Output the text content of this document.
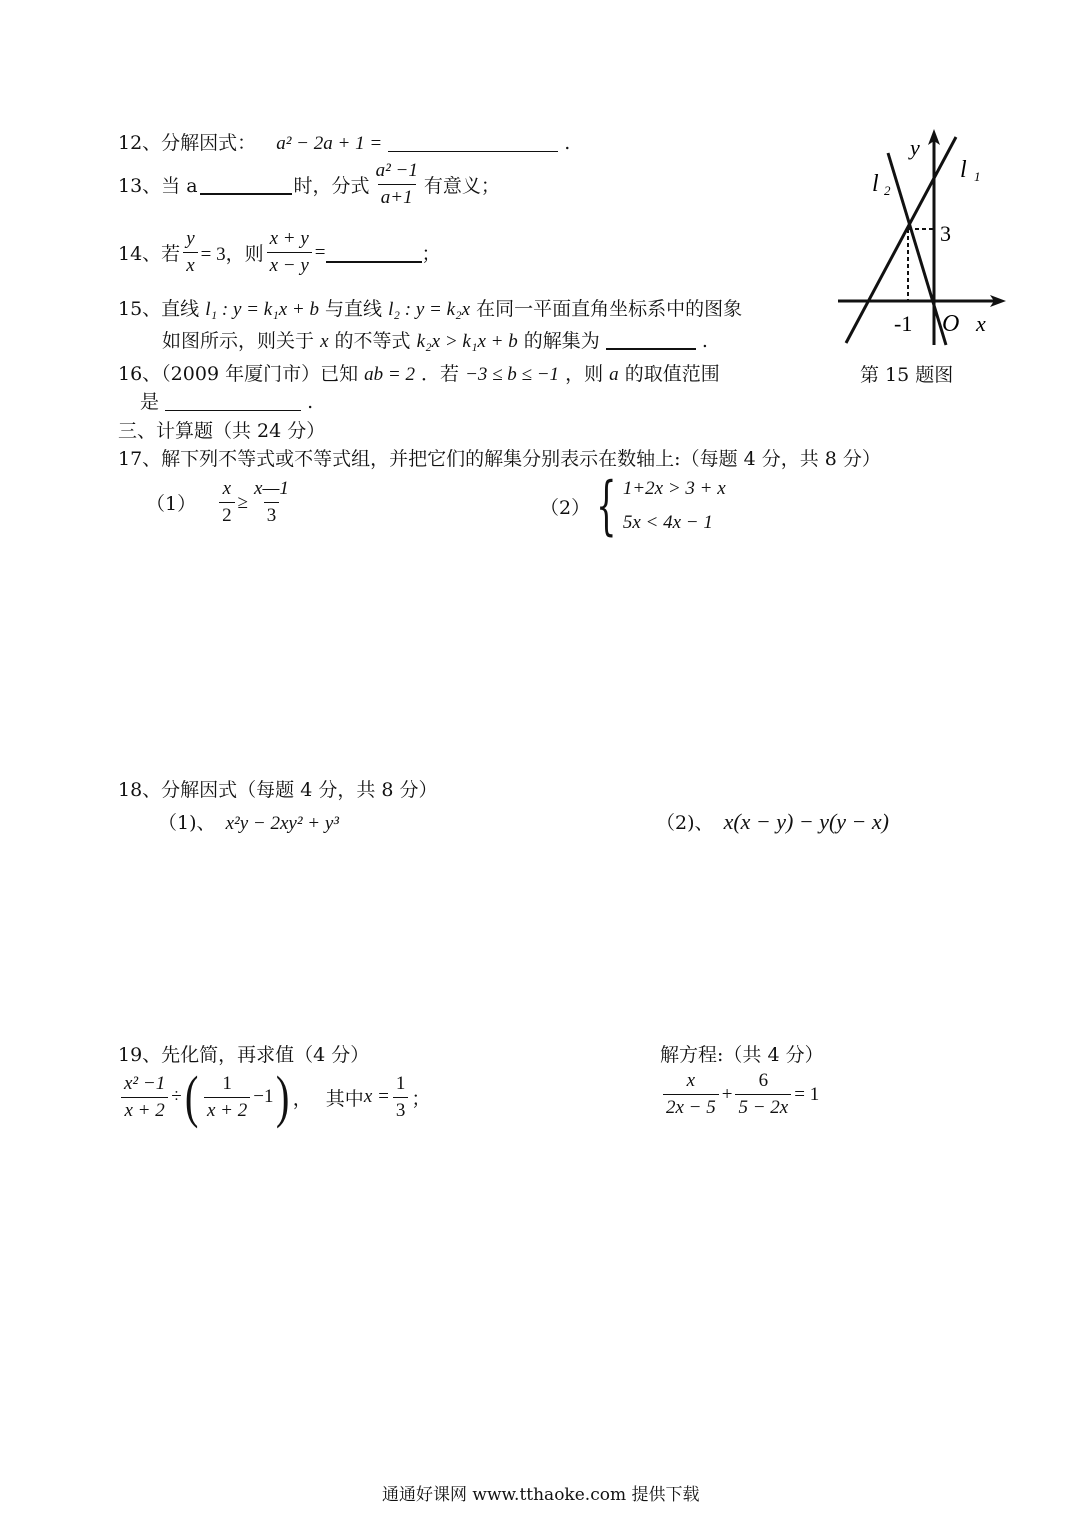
12、分解因式： a² − 2a + 1 =	.
13、当 a	时，分式 $\frac{\text{a² −1}}{a+1}$ 有意义；
14、若 $\frac{y}{x} = 3$，则 $\frac{x + y}{x - y}$ =	；
15、直线 l₁ : y = k₁x + b 与直线 l₂ : y = k₂x 在同一平面直角坐标系中的图象
如图所示，则关于 x 的不等式 k₂x > k₁x + b 的解集为	.
16、（2009 年厦门市）已知 ab = 2 ．若 −3 ≤ b ≤ −1 ，则 a 的取值范围
是	.
三、计算题（共 24 分）
17、解下列不等式或不等式组，并把它们的解集分别表示在数轴上:（每题 4 分，共 8 分）
$(1) \frac{x}{2} \ge \frac{x—1}{3}$	（2） { 1+2x > 3 + x
5x < 4x − 1
18、分解因式（每题 4 分，共 8 分）
（1)、 x²y − 2xy² + y³	（2)、 x(x − y) − y(y − x)
19、先化简，再求值（4 分）
$\frac{\text{x² −1}}{x + 2}$ ÷ ( $\frac{1}{x + 2} -1$ ) ， 其中 $x = \frac{1}{3}$ ；
解方程:（共 4 分）
$\frac{x}{2x - 5} + \frac{6}{5 - 2x} = 1$
y
l 1
l 2
3
-1 O x
第 15 题图
通通好课网 www.tthaoke.com 提供下载
